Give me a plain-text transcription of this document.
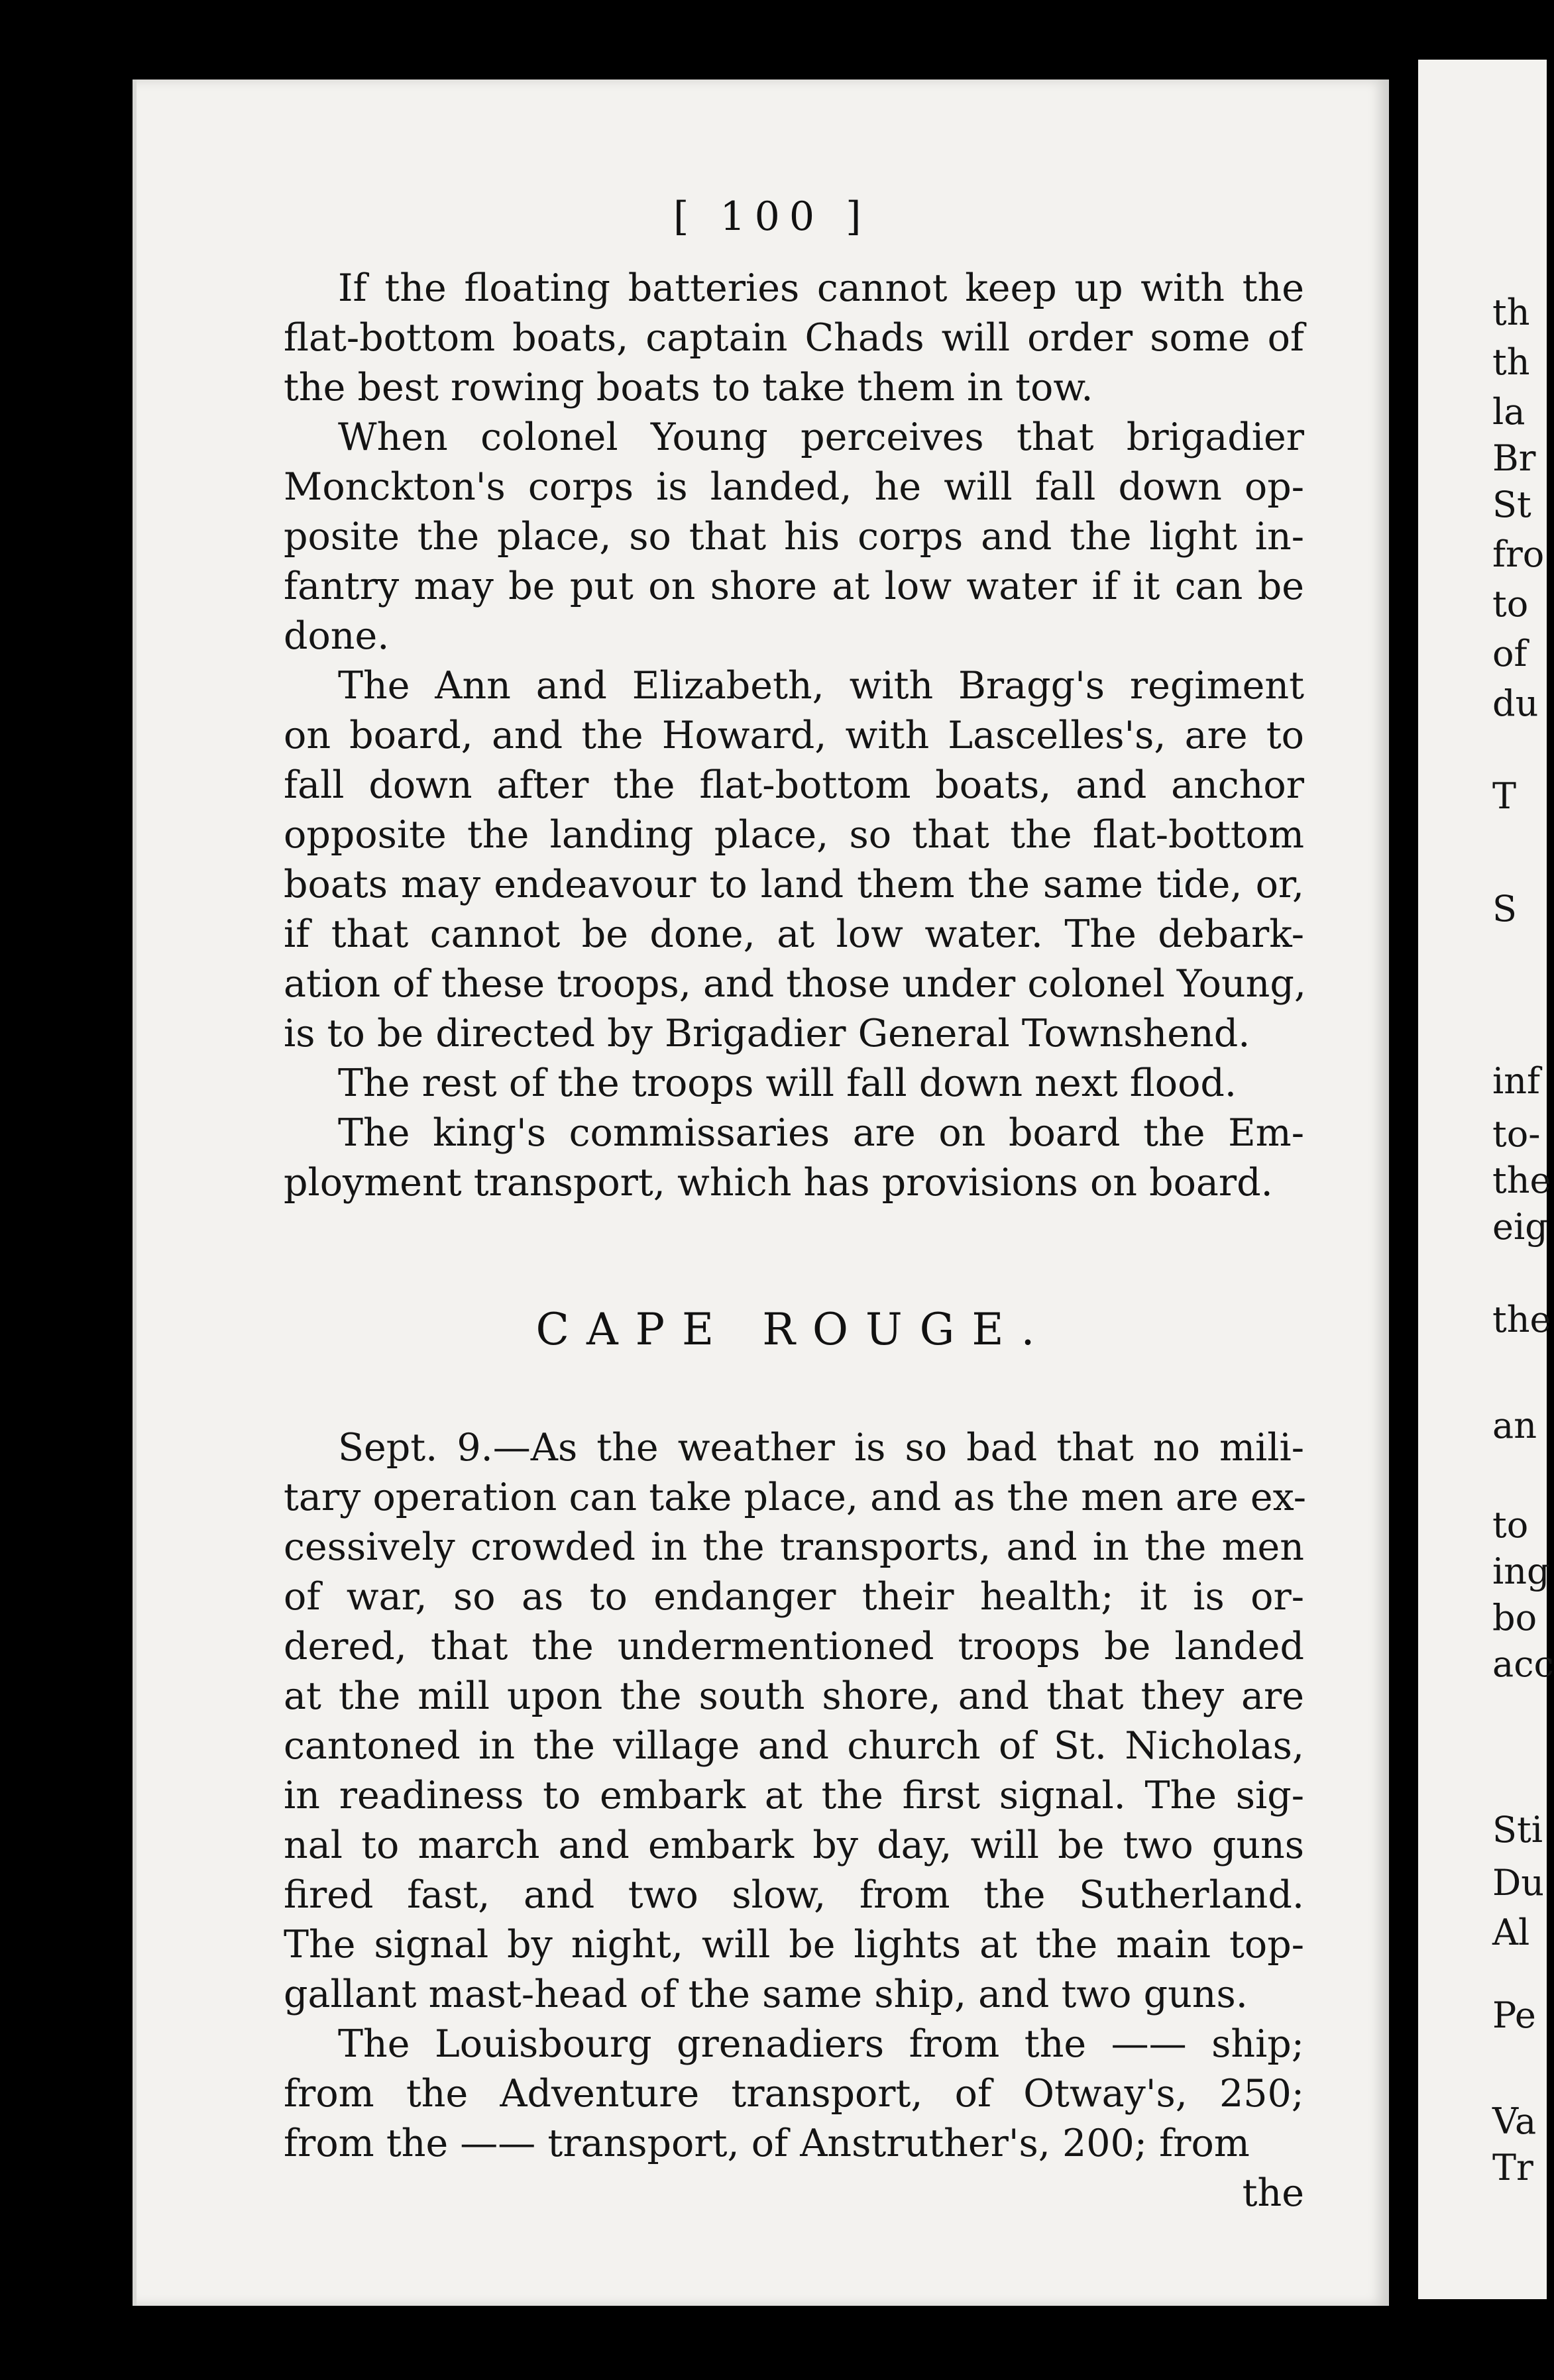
[ 100 ]
If the floating batteries cannot keep up with the
flat-bottom boats, captain Chads will order some of
the best rowing boats to take them in tow.
When colonel Young perceives that brigadier
Monckton's corps is landed, he will fall down op-
posite the place, so that his corps and the light in-
fantry may be put on shore at low water if it can be
done.
The Ann and Elizabeth, with Bragg's regiment
on board, and the Howard, with Lascelles's, are to
fall down after the flat-bottom boats, and anchor
opposite the landing place, so that the flat-bottom
boats may endeavour to land them the same tide, or,
if that cannot be done, at low water. The debark-
ation of these troops, and those under colonel Young,
is to be directed by Brigadier General Townshend.
The rest of the troops will fall down next flood.
The king's commissaries are on board the Em-
ployment transport, which has provisions on board.
CAPE ROUGE.
Sept. 9.—As the weather is so bad that no mili-
tary operation can take place, and as the men are ex-
cessively crowded in the transports, and in the men
of war, so as to endanger their health; it is or-
dered, that the undermentioned troops be landed
at the mill upon the south shore, and that they are
cantoned in the village and church of St. Nicholas,
in readiness to embark at the first signal. The sig-
nal to march and embark by day, will be two guns
fired fast, and two slow, from the Sutherland.
The signal by night, will be lights at the main top-
gallant mast-head of the same ship, and two guns.
The Louisbourg grenadiers from the —— ship;
from the Adventure transport, of Otway's, 250;
from the —— transport, of Anstruther's, 200; from
the
th
th
la
Br
St
fro
to
of
du
T
S
inf
to-
the
eig
the
an
to
ing
bo
acc
Sti
Du
Al
Pe
Va
Tr
